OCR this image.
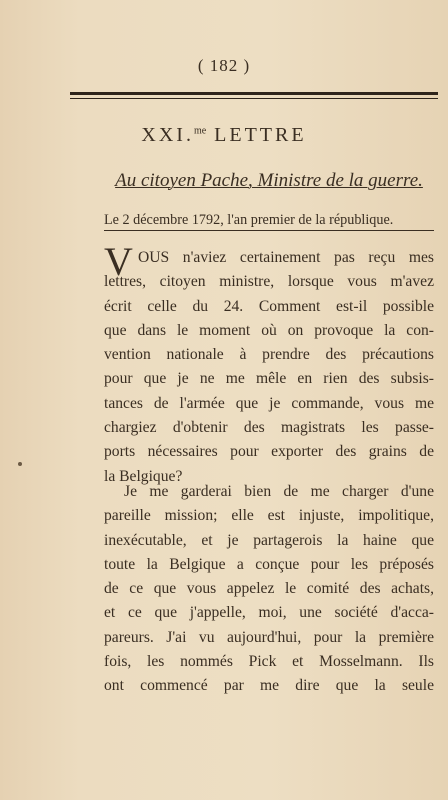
( 182 )
XXI.$^{me}$ LETTRE
Au citoyen Pache, Ministre de la guerre.
Le 2 décembre 1792, l'an premier de la république.
V OUS n'aviez certainement pas reçu mes
lettres, citoyen ministre, lorsque vous m'avez
écrit celle du 24. Comment est-il possible
que dans le moment où on provoque la con-
vention nationale à prendre des précautions
pour que je ne me mêle en rien des subsis-
tances de l'armée que je commande, vous me
chargiez d'obtenir des magistrats les passe-
ports nécessaires pour exporter des grains de
la Belgique?
Je me garderai bien de me charger d'une
pareille mission; elle est injuste, impolitique,
inexécutable, et je partagerois la haine que
toute la Belgique a conçue pour les préposés
de ce que vous appelez le comité des achats,
et ce que j'appelle, moi, une société d'acca-
pareurs. J'ai vu aujourd'hui, pour la première
fois, les nommés Pick et Mosselmann. Ils
ont commencé par me dire que la seule
